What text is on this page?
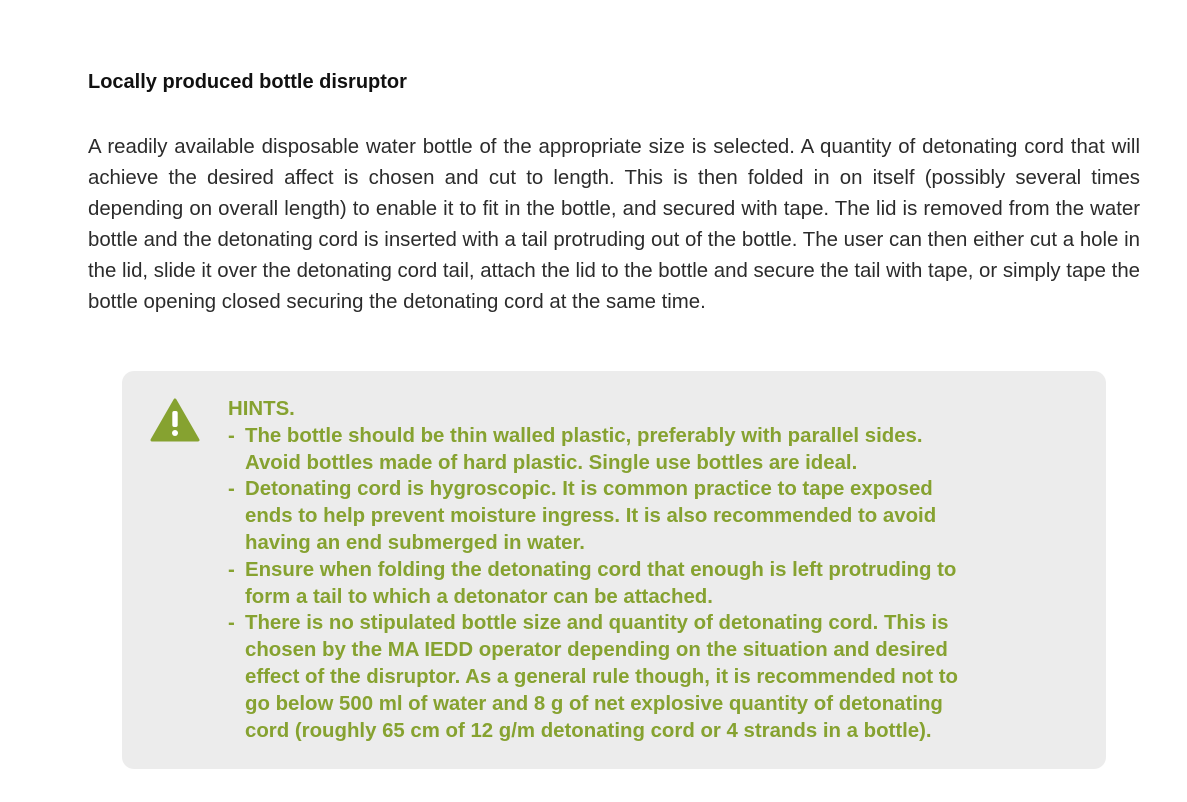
Locally produced bottle disruptor

A readily available disposable water bottle of the appropriate size is selected. A quantity of detonating cord that will achieve the desired affect is chosen and cut to length. This is then folded in on itself (possibly several times depending on overall length) to enable it to fit in the bottle, and secured with tape. The lid is removed from the water bottle and the detonating cord is inserted with a tail protruding out of the bottle. The user can then either cut a hole in the lid, slide it over the detonating cord tail, attach the lid to the bottle and secure the tail with tape, or simply tape the bottle opening closed securing the detonating cord at the same time.

HINTS.
- The bottle should be thin walled plastic, preferably with parallel sides.
Avoid bottles made of hard plastic. Single use bottles are ideal.
- Detonating cord is hygroscopic. It is common practice to tape exposed
ends to help prevent moisture ingress. It is also recommended to avoid
having an end submerged in water.
- Ensure when folding the detonating cord that enough is left protruding to
form a tail to which a detonator can be attached.
- There is no stipulated bottle size and quantity of detonating cord. This is
chosen by the MA IEDD operator depending on the situation and desired
effect of the disruptor. As a general rule though, it is recommended not to
go below 500 ml of water and 8 g of net explosive quantity of detonating
cord (roughly 65 cm of 12 g/m detonating cord or 4 strands in a bottle).
